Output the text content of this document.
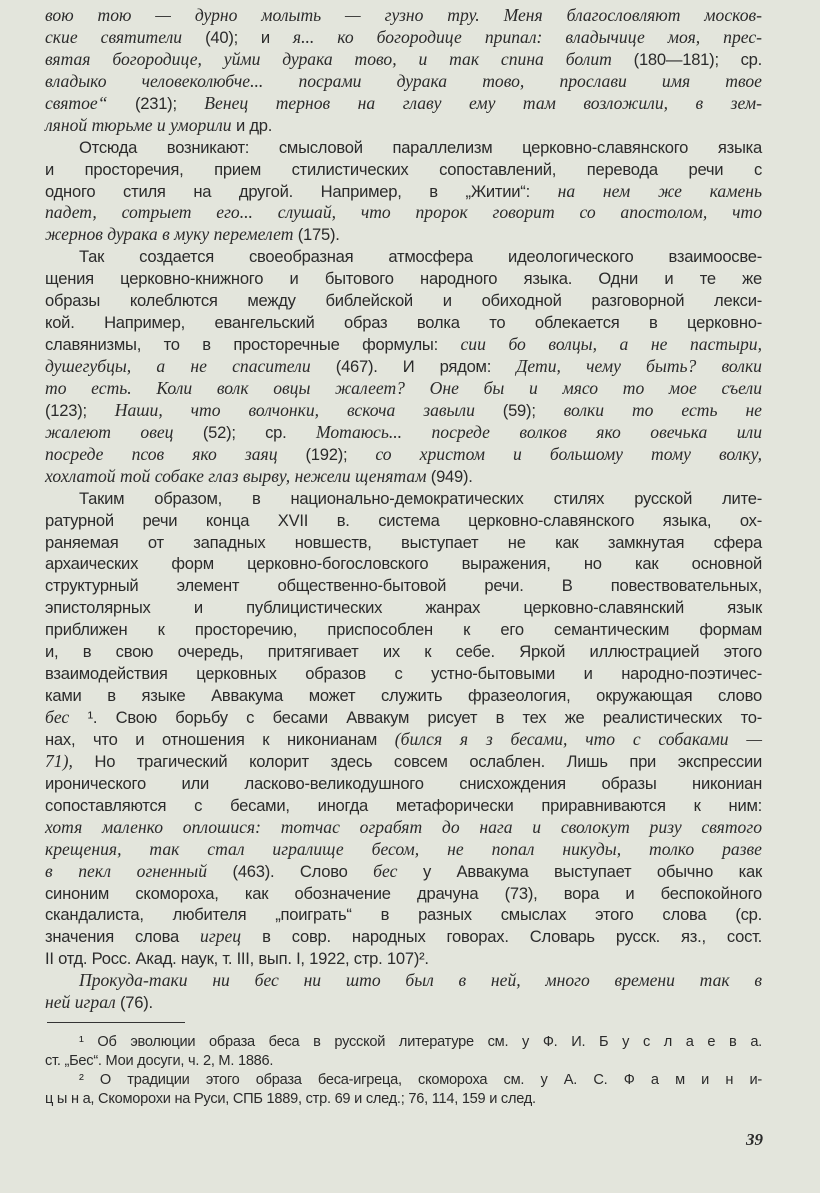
вою тою — дурно молыть — гузно тру. Меня благословляют москов-
ские святители (40); и я... ко богородице припал: владычице моя, прес-
вятая богородице, уйми дурака тово, и так спина болит (180—181); ср.
владыко человеколюбче... посрами дурака тово, прослави имя твое
святое“ (231); Венец тернов на главу ему там возложили, в зем-
ляной тюрьме и уморили и др.
Отсюда возникают: смысловой параллелизм церковно-славянского языка
и просторечия, прием стилистических сопоставлений, перевода речи с
одного стиля на другой. Например, в „Житии“: на нем же камень
падет, сотрыет его... слушай, что пророк говорит со апостолом, что
жернов дурака в муку перемелет (175).
Так создается своеобразная атмосфера идеологического взаимоосве-
щения церковно-книжного и бытового народного языка. Одни и те же
образы колеблются между библейской и обиходной разговорной лекси-
кой. Например, евангельский образ волка то облекается в церковно-
славянизмы, то в просторечные формулы: сии бо волцы, а не пастыри,
душегубцы, а не спасители (467). И рядом: Дети, чему быть? волки
то есть. Коли волк овцы жалеет? Оне бы и мясо то мое съели
(123); Наши, что волчонки, вскоча завыли (59); волки то есть не
жалеют овец (52); ср. Мотаюсь... посреде волков яко овечька или
посреде псов яко заяц (192); со христом и большому тому волку,
хохлатой той собаке глаз вырву, нежели щенятам (949).
Таким образом, в национально-демократических стилях русской лите-
ратурной речи конца XVII в. система церковно-славянского языка, ох-
раняемая от западных новшеств, выступает не как замкнутая сфера
архаических форм церковно-богословского выражения, но как основной
структурный элемент общественно-бытовой речи. В повествовательных,
эпистолярных и публицистических жанрах церковно-славянский язык
приближен к просторечию, приспособлен к его семантическим формам
и, в свою очередь, притягивает их к себе. Яркой иллюстрацией этого
взаимодействия церковных образов с устно-бытовыми и народно-поэтичес-
ками в языке Аввакума может служить фразеология, окружающая слово
бес ¹. Свою борьбу с бесами Аввакум рисует в тех же реалистических то-
нах, что и отношения к никонианам (бился я з бесами, что с собаками —
71), Но трагический колорит здесь совсем ослаблен. Лишь при экспрессии
иронического или ласково-великодушного снисхождения образы никониан
сопоставляются с бесами, иногда метафорически приравниваются к ним:
хотя маленко оплошися: тотчас ограбят до нага и сволокут ризу святого
крещения, так стал игралище бесом, не попал никуды, толко разве
в пекл огненный (463). Слово бес у Аввакума выступает обычно как
синоним скомороха, как обозначение драчуна (73), вора и беспокойного
скандалиста, любителя „поиграть“ в разных смыслах этого слова (ср.
значения слова игрец в совр. народных говорах. Словарь русск. яз., сост.
II отд. Росс. Акад. наук, т. III, вып. I, 1922, стр. 107)².
Прокуда-таки ни бес ни што был в ней, много времени так в
ней играл (76).
¹ Об эволюции образа беса в русской литературе см. у Ф. И. Б у с л а е в а.
ст. „Бес“. Мои досуги, ч. 2, М. 1886.
² О традиции этого образа беса-игреца, скомороха см. у А. С. Ф а м и н и-
ц ы н а, Скоморохи на Руси, СПБ 1889, стр. 69 и след.; 76, 114, 159 и след.
39
